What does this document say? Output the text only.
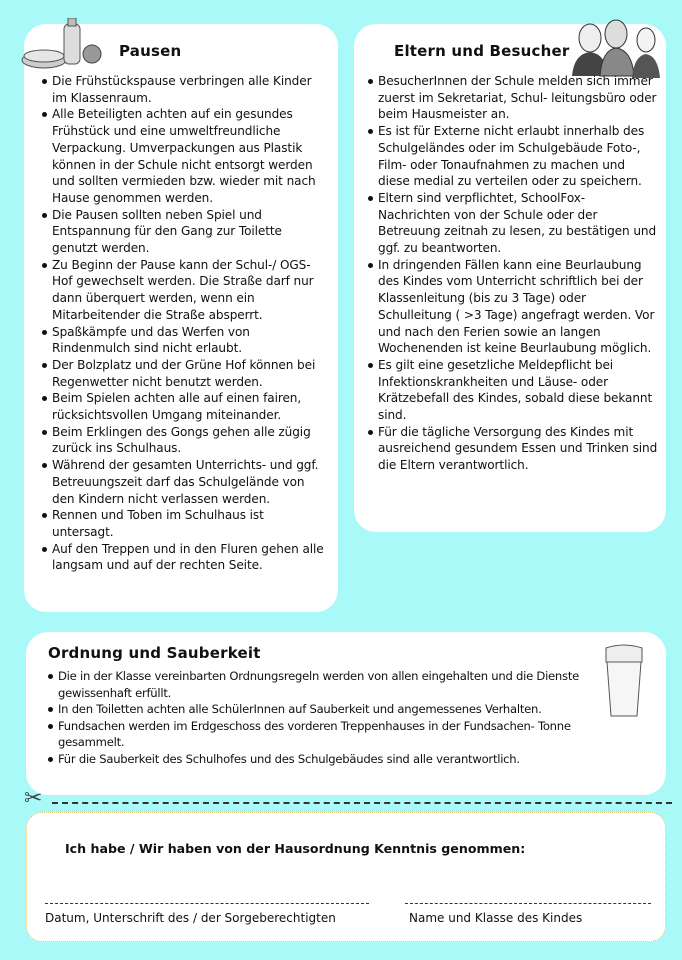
Pausen
Die Frühstückspause verbringen alle Kinder im Klassenraum.
Alle Beteiligten achten auf ein gesundes Frühstück und eine umweltfreundliche Verpackung. Umverpackungen aus Plastik können in der Schule nicht entsorgt werden und sollten vermieden bzw. wieder mit nach Hause genommen werden.
Die Pausen sollten neben Spiel und Entspannung für den Gang zur Toilette genutzt werden.
Zu Beginn der Pause kann der Schul-/ OGS-Hof gewechselt werden. Die Straße darf nur dann überquert werden, wenn ein Mitarbeitender die Straße absperrt.
Spaßkämpfe und das Werfen von Rindenmulch sind nicht erlaubt.
Der Bolzplatz und der Grüne Hof können bei Regenwetter nicht benutzt werden.
Beim Spielen achten alle auf einen fairen, rücksichtsvollen Umgang miteinander.
Beim Erklingen des Gongs gehen alle zügig zurück ins Schulhaus.
Während der gesamten Unterrichts- und ggf. Betreuungszeit darf das Schulgelände von den Kindern nicht verlassen werden.
Rennen und Toben im Schulhaus ist untersagt.
Auf den Treppen und in den Fluren gehen alle langsam und auf der rechten Seite.
Eltern und Besucher
BesucherInnen der Schule melden sich immer zuerst im Sekretariat, Schul- leitungsbüro oder beim Hausmeister an.
Es ist für Externe nicht erlaubt innerhalb des Schulgeländes oder im Schulgebäude Foto-, Film- oder Tonaufnahmen zu machen und diese medial zu verteilen oder zu speichern.
Eltern sind verpflichtet, SchoolFox- Nachrichten von der Schule oder der Betreuung zeitnah zu lesen, zu bestätigen und ggf. zu beantworten.
In dringenden Fällen kann eine Beurlaubung des Kindes vom Unterricht schriftlich bei der Klassenleitung (bis zu 3 Tage) oder Schulleitung ( >3 Tage) angefragt werden. Vor und nach den Ferien sowie an langen Wochenenden ist keine Beurlaubung möglich.
Es gilt eine gesetzliche Meldepflicht bei Infektionskrankheiten und Läuse- oder Krätzebefall des Kindes, sobald diese bekannt sind.
Für die tägliche Versorgung des Kindes mit ausreichend gesundem Essen und Trinken sind die Eltern verantwortlich.
Ordnung und Sauberkeit
Die in der Klasse vereinbarten Ordnungsregeln werden von allen eingehalten und die Dienste gewissenhaft erfüllt.
In den Toiletten achten alle SchülerInnen auf Sauberkeit und angemessenes Verhalten.
Fundsachen werden im Erdgeschoss des vorderen Treppenhauses in der Fundsachen- Tonne gesammelt.
Für die Sauberkeit des Schulhofes und des Schulgebäudes sind alle verantwortlich.
✂
Ich habe / Wir haben von der Hausordnung Kenntnis genommen:
Datum, Unterschrift des / der Sorgeberechtigten	Name und Klasse des Kindes
